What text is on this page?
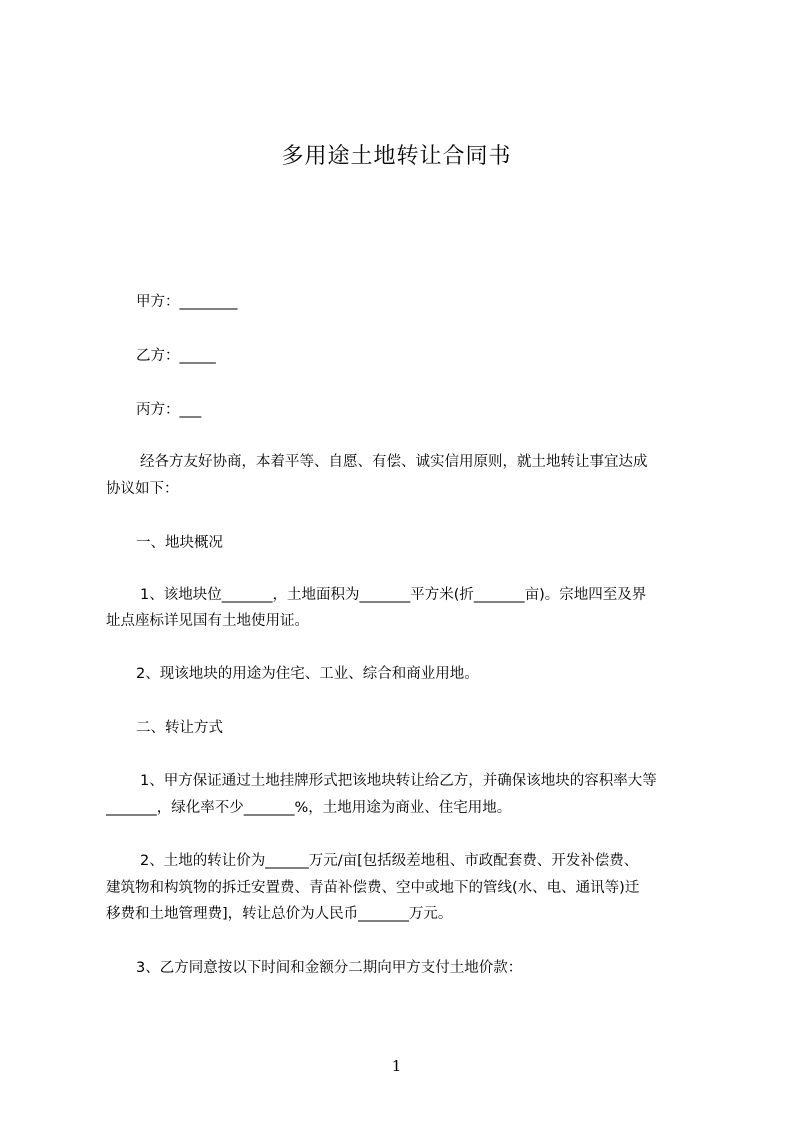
多用途土地转让合同书
甲方：________
乙方：_____
丙方：___
经各方友好协商，本着平等、自愿、有偿、诚实信用原则，就土地转让事宜达成
协议如下：
一、地块概况
1、该地块位_______，土地面积为_______平方米(折_______亩)。宗地四至及界
址点座标详见国有土地使用证。
2、现该地块的用途为住宅、工业、综合和商业用地。
二、转让方式
1、甲方保证通过土地挂牌形式把该地块转让给乙方，并确保该地块的容积率大等
_______，绿化率不少_______%，土地用途为商业、住宅用地。
2、土地的转让价为______万元/亩[包括级差地租、市政配套费、开发补偿费、
建筑物和构筑物的拆迁安置费、青苗补偿费、空中或地下的管线(水、电、通讯等)迁
移费和土地管理费]，转让总价为人民币_______万元。
3、乙方同意按以下时间和金额分二期向甲方支付土地价款：
1
